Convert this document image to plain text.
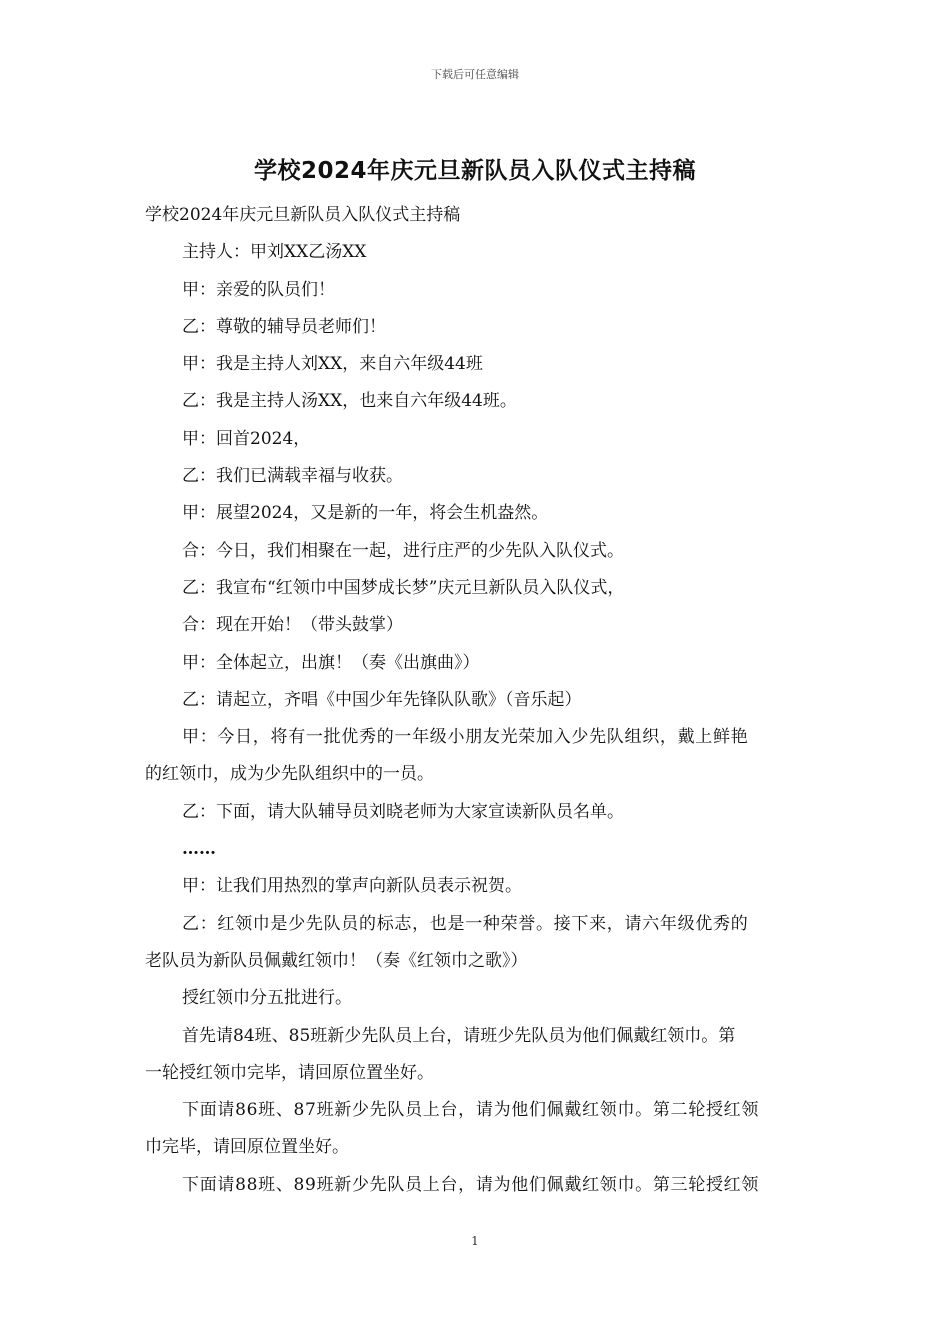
下载后可任意编辑
学校2024年庆元旦新队员入队仪式主持稿
学校2024年庆元旦新队员入队仪式主持稿
主持人：甲刘XX乙汤XX
甲：亲爱的队员们！
乙：尊敬的辅导员老师们！
甲：我是主持人刘XX，来自六年级44班
乙：我是主持人汤XX，也来自六年级44班。
甲：回首2024，
乙：我们已满载幸福与收获。
甲：展望2024，又是新的一年，将会生机盎然。
合：今日，我们相聚在一起，进行庄严的少先队入队仪式。
乙：我宣布“红领巾中国梦成长梦”庆元旦新队员入队仪式，
合：现在开始！（带头鼓掌）
甲：全体起立，出旗！（奏《出旗曲》）
乙：请起立，齐唱《中国少年先锋队队歌》（音乐起）
甲：今日，将有一批优秀的一年级小朋友光荣加入少先队组织，戴上鲜艳
的红领巾，成为少先队组织中的一员。
乙：下面，请大队辅导员刘晓老师为大家宣读新队员名单。
……
甲：让我们用热烈的掌声向新队员表示祝贺。
乙：红领巾是少先队员的标志，也是一种荣誉。接下来，请六年级优秀的
老队员为新队员佩戴红领巾！（奏《红领巾之歌》）
授红领巾分五批进行。
首先请84班、85班新少先队员上台，请班少先队员为他们佩戴红领巾。第
一轮授红领巾完毕，请回原位置坐好。
下面请86班、87班新少先队员上台，请为他们佩戴红领巾。第二轮授红领
巾完毕，请回原位置坐好。
下面请88班、89班新少先队员上台，请为他们佩戴红领巾。第三轮授红领
1
